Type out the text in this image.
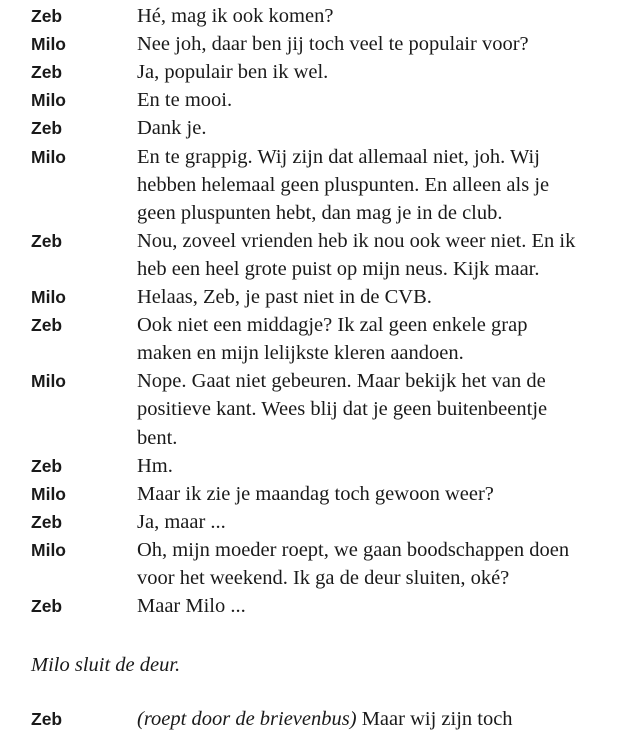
Zeb	Hé, mag ik ook komen?
Milo	Nee joh, daar ben jij toch veel te populair voor?
Zeb	Ja, populair ben ik wel.
Milo	En te mooi.
Zeb	Dank je.
Milo	En te grappig. Wij zijn dat allemaal niet, joh. Wij
hebben helemaal geen pluspunten. En alleen als je
geen pluspunten hebt, dan mag je in de club.
Zeb	Nou, zoveel vrienden heb ik nou ook weer niet. En ik
heb een heel grote puist op mijn neus. Kijk maar.
Milo	Helaas, Zeb, je past niet in de CVB.
Zeb	Ook niet een middagje? Ik zal geen enkele grap
maken en mijn lelijkste kleren aandoen.
Milo	Nope. Gaat niet gebeuren. Maar bekijk het van de
positieve kant. Wees blij dat je geen buitenbeentje
bent.
Zeb	Hm.
Milo	Maar ik zie je maandag toch gewoon weer?
Zeb	Ja, maar ...
Milo	Oh, mijn moeder roept, we gaan boodschappen doen
voor het weekend. Ik ga de deur sluiten, oké?
Zeb	Maar Milo ...
Milo sluit de deur.
Zeb	(roept door de brievenbus) Maar wij zijn toch
